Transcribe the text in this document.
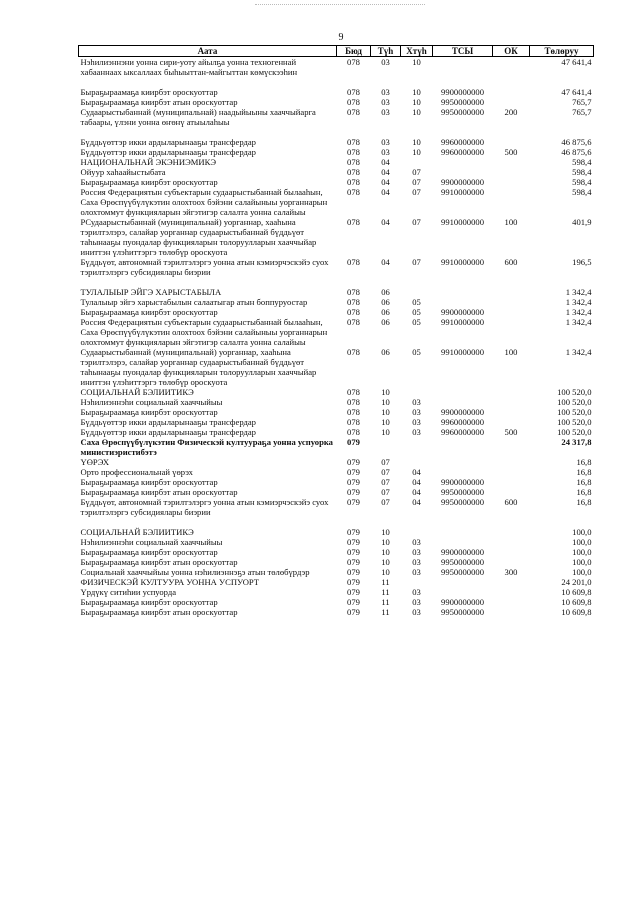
9
Аата	Бюд	Түһ	Хтүһ	ТСЫ	ОК	Төлөруу
Нэһилиэннэни уонна сири-уоту айылҕа уонна техногеннай хабааннаах ыксаллаах быһыыттан-майгыттан көмүскээһин	078	03	10			47 641,4
Быраҕыраамаҕа киирбэт ороскуоттар	078	03	10	9900000000		47 641,4
Быраҕыраамаҕа киирбэт атын ороскуоттар	078	03	10	9950000000		765,7
Судаарыстыбаннай (муниципальнай) наадыйыыны хааччыйарга табаары, үлэни уонна өҥөнү атыылаһыы	078	03	10	9950000000	200	765,7
Бүддьүөттэр икки ардыларынааҕы трансфердар	078	03	10	9960000000		46 875,6
Бүддьүөттэр икки ардыларынааҕы трансфердар	078	03	10	9960000000	500	46 875,6
НАЦИОНАЛЬНАЙ ЭКЭНИЭМИКЭ	078	04				598,4
Ойуур хаһаайыстыбата	078	04	07			598,4
Быраҕыраамаҕа киирбэт ороскуоттар	078	04	07	9900000000		598,4
Россия Федерациятын субъектарын судаарыстыбаннай былааһын, Саха Өрөспүүбүлүкэтин олохтоох бэйэни салайыныы уорганнарын олохтоммут функцияларын эйгэтигэр салалта уонна салайыы	078	04	07	9910000000		598,4
РСудаарыстыбаннай (муниципальнай) уорганнар, хааһына тэрилтэлэрэ, салайар уорганнар судаарыстыбаннай бүддьүөт таһынааҕы пуондалар функцияларын толоруулларын хааччыйар иниттэн үлэһиттэргэ төлөбүр ороскуота	078	04	07	9910000000	100	401,9
Бүддьүөт, автономнай тэрилтэлэргэ уонна атын кэмиэрчэскэйэ суох тэрилтэлэргэ субсидиялары биэрии	078	04	07	9910000000	600	196,5
ТУЛАЛЫЫР ЭЙГЭ ХАРЫСТАБЫЛА	078	06				1 342,4
Тулалыыр эйгэ харыстабылын салаатыгар атын боппуруостар	078	06	05			1 342,4
Быраҕыраамаҕа киирбэт ороскуоттар	078	06	05	9900000000		1 342,4
Россия Федерациятын субъектарын судаарыстыбаннай былааһын, Саха Өрөспүүбүлүкэтин олохтоох бэйэни салайыныы уорганнарын олохтоммут функцияларын эйгэтигэр салалта уонна салайыы	078	06	05	9910000000		1 342,4
Судаарыстыбаннай (муниципальнай) уорганнар, хааһына тэрилтэлэрэ, салайар уорганнар судаарыстыбаннай бүддьүөт таһынааҕы пуондалар функцияларын толоруулларын хааччыйар иниттэн үлэһиттэргэ төлөбүр ороскуота	078	06	05	9910000000	100	1 342,4
СОЦИАЛЬНАЙ БЭЛИИТИКЭ	078	10				100 520,0
Нэһилиэннэһи социальнай хааччыйыы	078	10	03			100 520,0
Быраҕыраамаҕа киирбэт ороскуоттар	078	10	03	9900000000		100 520,0
Бүддьүөттэр икки ардыларынааҕы трансфердар	078	10	03	9960000000		100 520,0
Бүддьүөттэр икки ардыларынааҕы трансфердар	078	10	03	9960000000	500	100 520,0
Саха Өрөспүүбүлүкэтин Физическэй култуураҕа уонна успуорка министиэристибэтэ	079					24 317,8
ҮӨРЭХ	079	07				16,8
Орто профессиональнай үөрэх	079	07	04			16,8
Быраҕыраамаҕа киирбэт ороскуоттар	079	07	04	9900000000		16,8
Быраҕыраамаҕа киирбэт атын ороскуоттар	079	07	04	9950000000		16,8
Бүддьүөт, автономнай тэрилтэлэргэ уонна атын кэмиэрчэскэйэ суох тэрилтэлэргэ субсидиялары биэрии	079	07	04	9950000000	600	16,8
СОЦИАЛЬНАЙ БЭЛИИТИКЭ	079	10				100,0
Нэһилиэннэһи социальнай хааччыйыы	079	10	03			100,0
Быраҕыраамаҕа киирбэт ороскуоттар	079	10	03	9900000000		100,0
Быраҕыраамаҕа киирбэт атын ороскуоттар	079	10	03	9950000000		100,0
Социальнай хааччыйыы уонна нэһилиэннэҕэ атын төлөбүрдэр	079	10	03	9950000000	300	100,0
ФИЗИЧЕСКЭЙ КУЛТУУРА УОННА УСПУОРТ	079	11				24 201,0
Үрдүкү ситиһии успуорда	079	11	03			10 609,8
Быраҕыраамаҕа киирбэт ороскуоттар	079	11	03	9900000000		10 609,8
Быраҕыраамаҕа киирбэт атын ороскуоттар	079	11	03	9950000000		10 609,8
